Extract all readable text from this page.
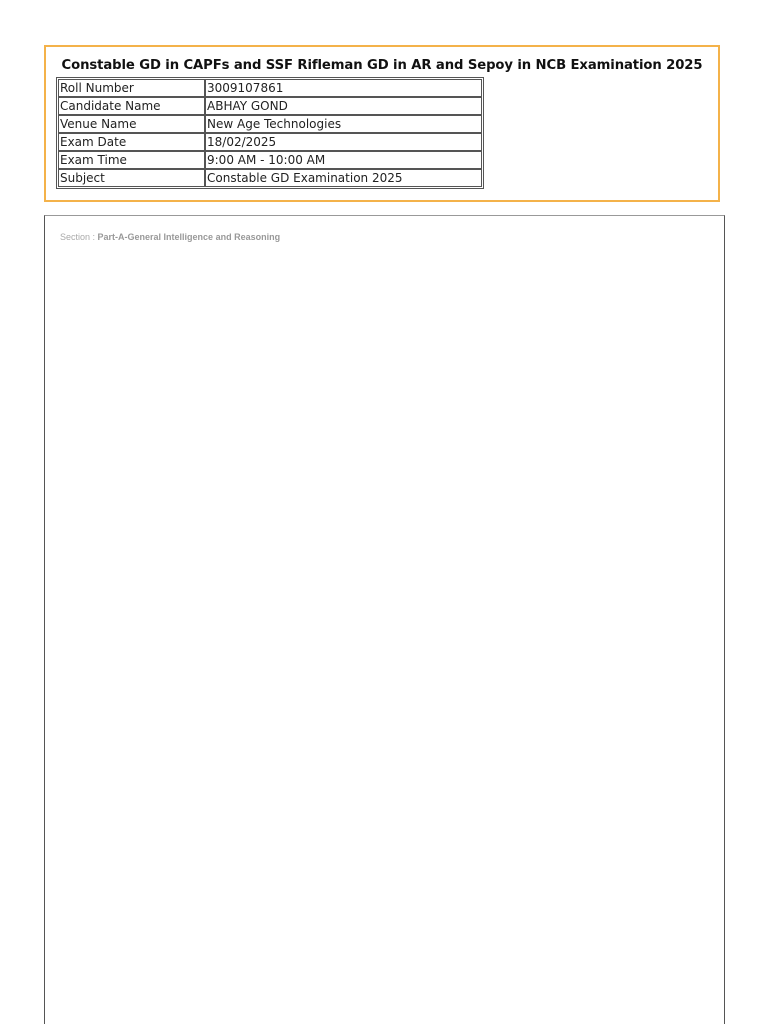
Constable GD in CAPFs and SSF Rifleman GD in AR and Sepoy in NCB Examination 2025
Roll Number	3009107861
Candidate Name	ABHAY GOND
Venue Name	New Age Technologies
Exam Date	18/02/2025
Exam Time	9:00 AM - 10:00 AM
Subject	Constable GD Examination 2025
Section : Part-A-General Intelligence and Reasoning
